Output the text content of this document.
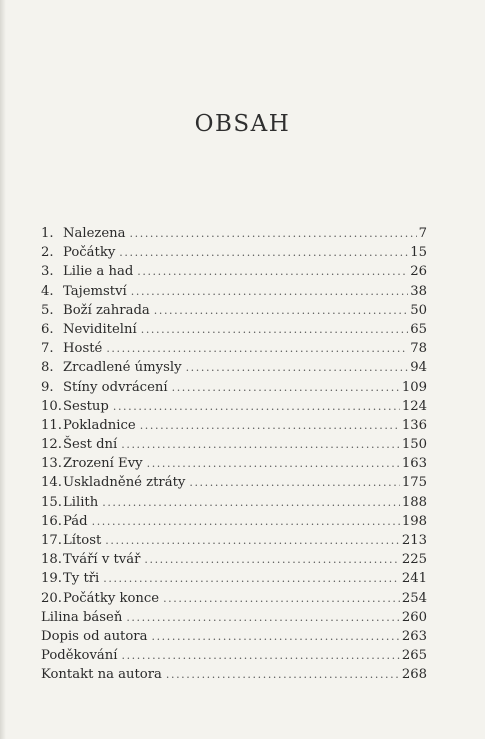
OBSAH
1. Nalezena .....	7
2. Počátky .....	15
3. Lilie a had .....	26
4. Tajemství .....	38
5. Boží zahrada .....	50
6. Neviditelní .....	65
7. Hosté .....	78
8. Zrcadlené úmysly .....	94
9. Stíny odvrácení .....	109
10. Sestup .....	124
11. Pokladnice .....	136
12. Šest dní .....	150
13. Zrození Evy .....	163
14. Uskladněné ztráty .....	175
15. Lilith .....	188
16. Pád .....	198
17. Lítost .....	213
18. Tváří v tvář .....	225
19. Ty tři .....	241
20. Počátky konce .....	254
Lilina báseň .....	260
Dopis od autora .....	263
Poděkování .....	265
Kontakt na autora .....	268
